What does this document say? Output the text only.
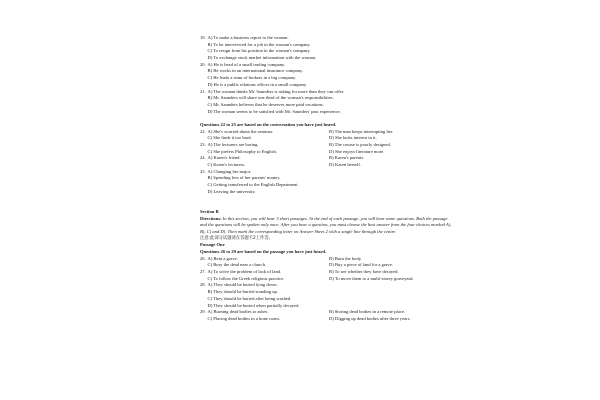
19. A) To make a business report to the woman.
B) To be interviewed for a job in the woman's company.
C) To resign from his position in the woman's company.
D) To exchange stock market information with the woman.
20. A) He is head of a small trading company.
B) He works in an international insurance company.
C) He leads a team of brokers in a big company.
D) He is a public relations officer in a small company.
21. A) The woman thinks Mr. Saunders is asking for more than they can offer.
B) Mr. Saunders will share one third of the woman's responsibilities.
C) Mr. Saunders believes that he deserves more paid vacations.
D) The woman seems to be satisfied with Mr. Saunders' past experience.
Questions 22 to 25 are based on the conversation you have just heard.
22. A) She's worried about the seminar.	B) The man keeps interrupting her.
C) She finds it too hard.	D) She lacks interest in it.
23. A) The lecturers are boring.	B) The course is poorly designed.
C) She prefers Philosophy to English.	D) She enjoys literature more.
24. A) Karen's friend.	B) Karen's parents.
C) Karen's lecturers.	D) Karen herself.
25. A) Changing her major.
B) Spending less of her parents' money.
C) Getting transferred to the English Department.
D) Leaving the university.
Section B
Directions: In this section, you will hear 3 short passages. At the end of each passage, you will hear some questions. Both the passage and the questions will be spoken only once. After you hear a question, you must choose the best answer from the four choices marked A), B), C) and D). Then mark the corresponding letter on Answer Sheet 2 with a single line through the centre.
注意:此部分试题请在答题卡2上作答。
Passage One
Questions 26 to 29 are based on the passage you have just heard.
26. A) Rent a grave.	B) Burn the body.
C) Bury the dead near a church.	D) Buy a piece of land for a grave.
27. A) To solve the problem of lack of land.	B) To see whether they have decayed.
C) To follow the Greek religious practice.	D) To move them to a multi-storey graveyard.
28. A) They should be buried lying down.
B) They should be buried standing up.
C) They should be buried after being washed.
D) They should be buried when partially decayed.
29. A) Burning dead bodies to ashes.	B) Storing dead bodies in a remote place.
C) Placing dead bodies in a bone room.	D) Digging up dead bodies after three years.
